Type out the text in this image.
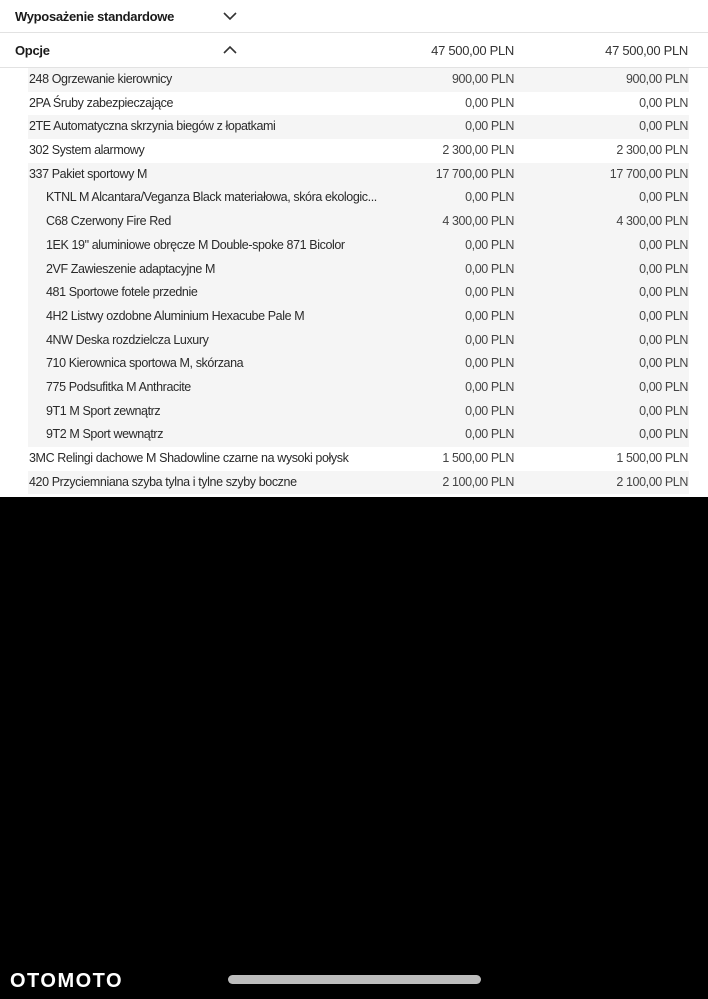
Wyposażenie standardowe
Opcje	47 500,00 PLN	47 500,00 PLN
248 Ogrzewanie kierownicy	900,00 PLN	900,00 PLN
2PA Śruby zabezpieczające	0,00 PLN	0,00 PLN
2TE Automatyczna skrzynia biegów z łopatkami	0,00 PLN	0,00 PLN
302 System alarmowy	2 300,00 PLN	2 300,00 PLN
337 Pakiet sportowy M	17 700,00 PLN	17 700,00 PLN
KTNL M Alcantara/Veganza Black materiałowa, skóra ekologic...	0,00 PLN	0,00 PLN
C68 Czerwony Fire Red	4 300,00 PLN	4 300,00 PLN
1EK 19" aluminiowe obręcze M Double-spoke 871 Bicolor	0,00 PLN	0,00 PLN
2VF Zawieszenie adaptacyjne M	0,00 PLN	0,00 PLN
481 Sportowe fotele przednie	0,00 PLN	0,00 PLN
4H2 Listwy ozdobne Aluminium Hexacube Pale M	0,00 PLN	0,00 PLN
4NW Deska rozdzielcza Luxury	0,00 PLN	0,00 PLN
710 Kierownica sportowa M, skórzana	0,00 PLN	0,00 PLN
775 Podsufitka M Anthracite	0,00 PLN	0,00 PLN
9T1 M Sport zewnątrz	0,00 PLN	0,00 PLN
9T2 M Sport wewnątrz	0,00 PLN	0,00 PLN
3MC Relingi dachowe M Shadowline czarne na wysoki połysk	1 500,00 PLN	1 500,00 PLN
420 Przyciemniana szyba tylna i tylne szyby boczne	2 100,00 PLN	2 100,00 PLN
OTOMOTO
